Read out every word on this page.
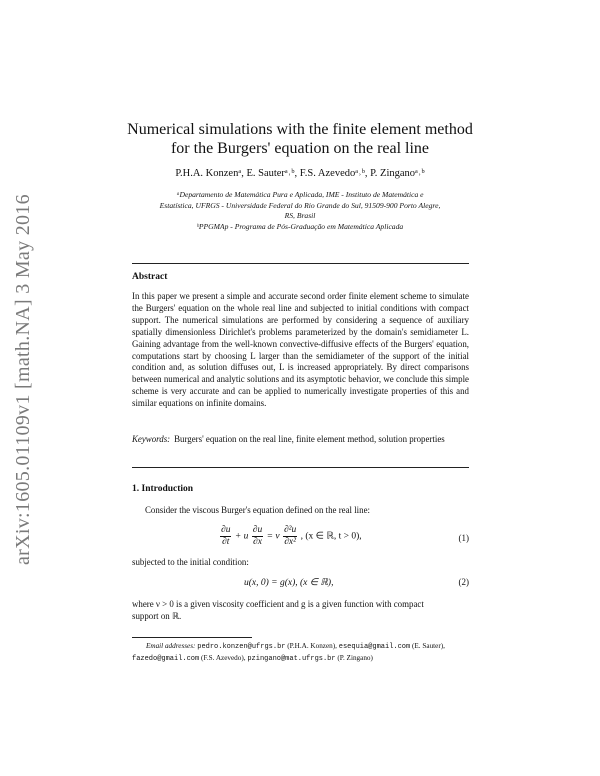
arXiv:1605.01109v1 [math.NA] 3 May 2016
Numerical simulations with the finite element method
for the Burgers' equation on the real line
P.H.A. Konzenᵃ, E. Sauterᵃ˒ᵇ, F.S. Azevedoᵃ˒ᵇ, P. Zinganoᵃ˒ᵇ
ᵃDepartamento de Matemática Pura e Aplicada, IME - Instituto de Matemática e
Estatística, UFRGS - Universidade Federal do Rio Grande do Sul, 91509-900 Porto Alegre,
RS, Brasil
ᵇPPGMAp - Programa de Pós-Graduação em Matemática Aplicada
Abstract
In this paper we present a simple and accurate second order finite element scheme to simulate the Burgers' equation on the whole real line and subjected to initial conditions with compact support. The numerical simulations are performed by considering a sequence of auxiliary spatially dimensionless Dirichlet's problems parameterized by the domain's semidiameter L. Gaining advantage from the well-known convective-diffusive effects of the Burgers' equation, computations start by choosing L larger than the semidiameter of the support of the initial condition and, as solution diffuses out, L is increased appropriately. By direct comparisons between numerical and analytic solutions and its asymptotic behavior, we conclude this simple scheme is very accurate and can be applied to numerically investigate properties of this and similar equations on infinite domains.
Keywords: Burgers' equation on the real line, finite element method, solution properties
1. Introduction
Consider the viscous Burger's equation defined on the real line:
$\frac{\partial u}{\partial t} + u \frac{\partial u}{\partial x} = \nu \frac{\text{∂²u}}{\text{∂x²}}$ , (x ∈ ℝ, t > 0),	(1)
subjected to the initial condition:
u(x, 0) = g(x), (x ∈ ℝ),	(2)
where ν > 0 is a given viscosity coefficient and g is a given function with compact
support on ℝ.
Email addresses: pedro.konzen@ufrgs.br (P.H.A. Konzen), esequia@gmail.com (E. Sauter), fazedo@gmail.com (F.S. Azevedo), pzingano@mat.ufrgs.br (P. Zingano)
